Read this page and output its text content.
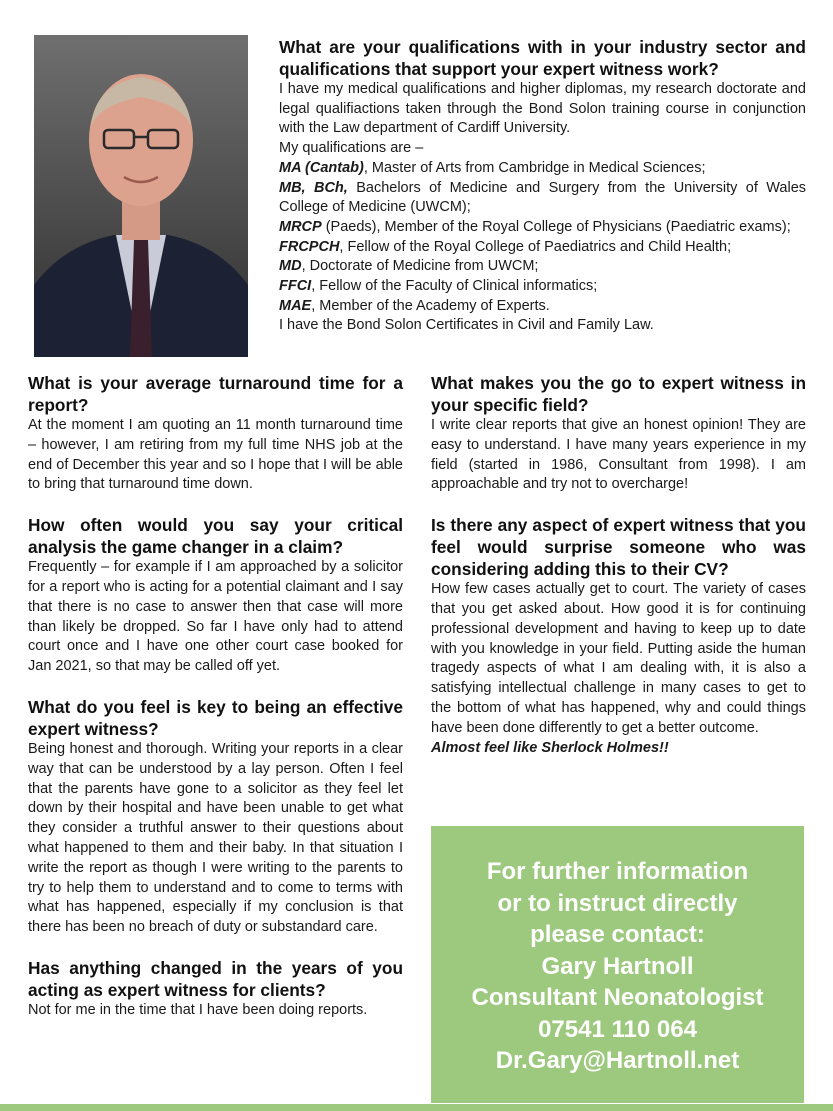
What are your qualifications with in your industry sector and qualifications that support your expert witness work?

I have my medical qualifications and higher diplomas, my research doctorate and legal qualifiactions taken through the Bond Solon training course in conjunction with the Law department of Cardiff University.

My qualifications are –

MA (Cantab), Master of Arts from Cambridge in Medical Sciences;

MB, BCh, Bachelors of Medicine and Surgery from the University of Wales College of Medicine (UWCM);

MRCP (Paeds), Member of the Royal College of Physicians (Paediatric exams);

FRCPCH, Fellow of the Royal College of Paediatrics and Child Health;

MD, Doctorate of Medicine from UWCM;

FFCI, Fellow of the Faculty of Clinical informatics;

MAE, Member of the Academy of Experts.

I have the Bond Solon Certificates in Civil and Family Law.

What is your average turnaround time for a report?

At the moment I am quoting an 11 month turnaround time – however, I am retiring from my full time NHS job at the end of December this year and so I hope that I will be able to bring that turnaround time down.

How often would you say your critical analysis the game changer in a claim?

Frequently – for example if I am approached by a solicitor for a report who is acting for a potential claimant and I say that there is no case to answer then that case will more than likely be dropped. So far I have only had to attend court once and I have one other court case booked for Jan 2021, so that may be called off yet.

What do you feel is key to being an effective expert witness?

Being honest and thorough. Writing your reports in a clear way that can be understood by a lay person. Often I feel that the parents have gone to a solicitor as they feel let down by their hospital and have been unable to get what they consider a truthful answer to their questions about what happened to them and their baby. In that situation I write the report as though I were writing to the parents to try to help them to understand and to come to terms with what has happened, especially if my conclusion is that there has been no breach of duty or substandard care.

Has anything changed in the years of you acting as expert witness for clients?

Not for me in the time that I have been doing reports.

What makes you the go to expert witness in your specific field?

I write clear reports that give an honest opinion! They are easy to understand. I have many years experience in my field (started in 1986, Consultant from 1998). I am approachable and try not to overcharge!

Is there any aspect of expert witness that you feel would surprise someone who was considering adding this to their CV?

How few cases actually get to court. The variety of cases that you get asked about. How good it is for continuing professional development and having to keep up to date with you knowledge in your field. Putting aside the human tragedy aspects of what I am dealing with, it is also a satisfying intellectual challenge in many cases to get to the bottom of what has happened, why and could things have been done differently to get a better outcome.

Almost feel like Sherlock Holmes!!

For further information
or to instruct directly
please contact:
Gary Hartnoll
Consultant Neonatologist
07541 110 064
Dr.Gary@Hartnoll.net
